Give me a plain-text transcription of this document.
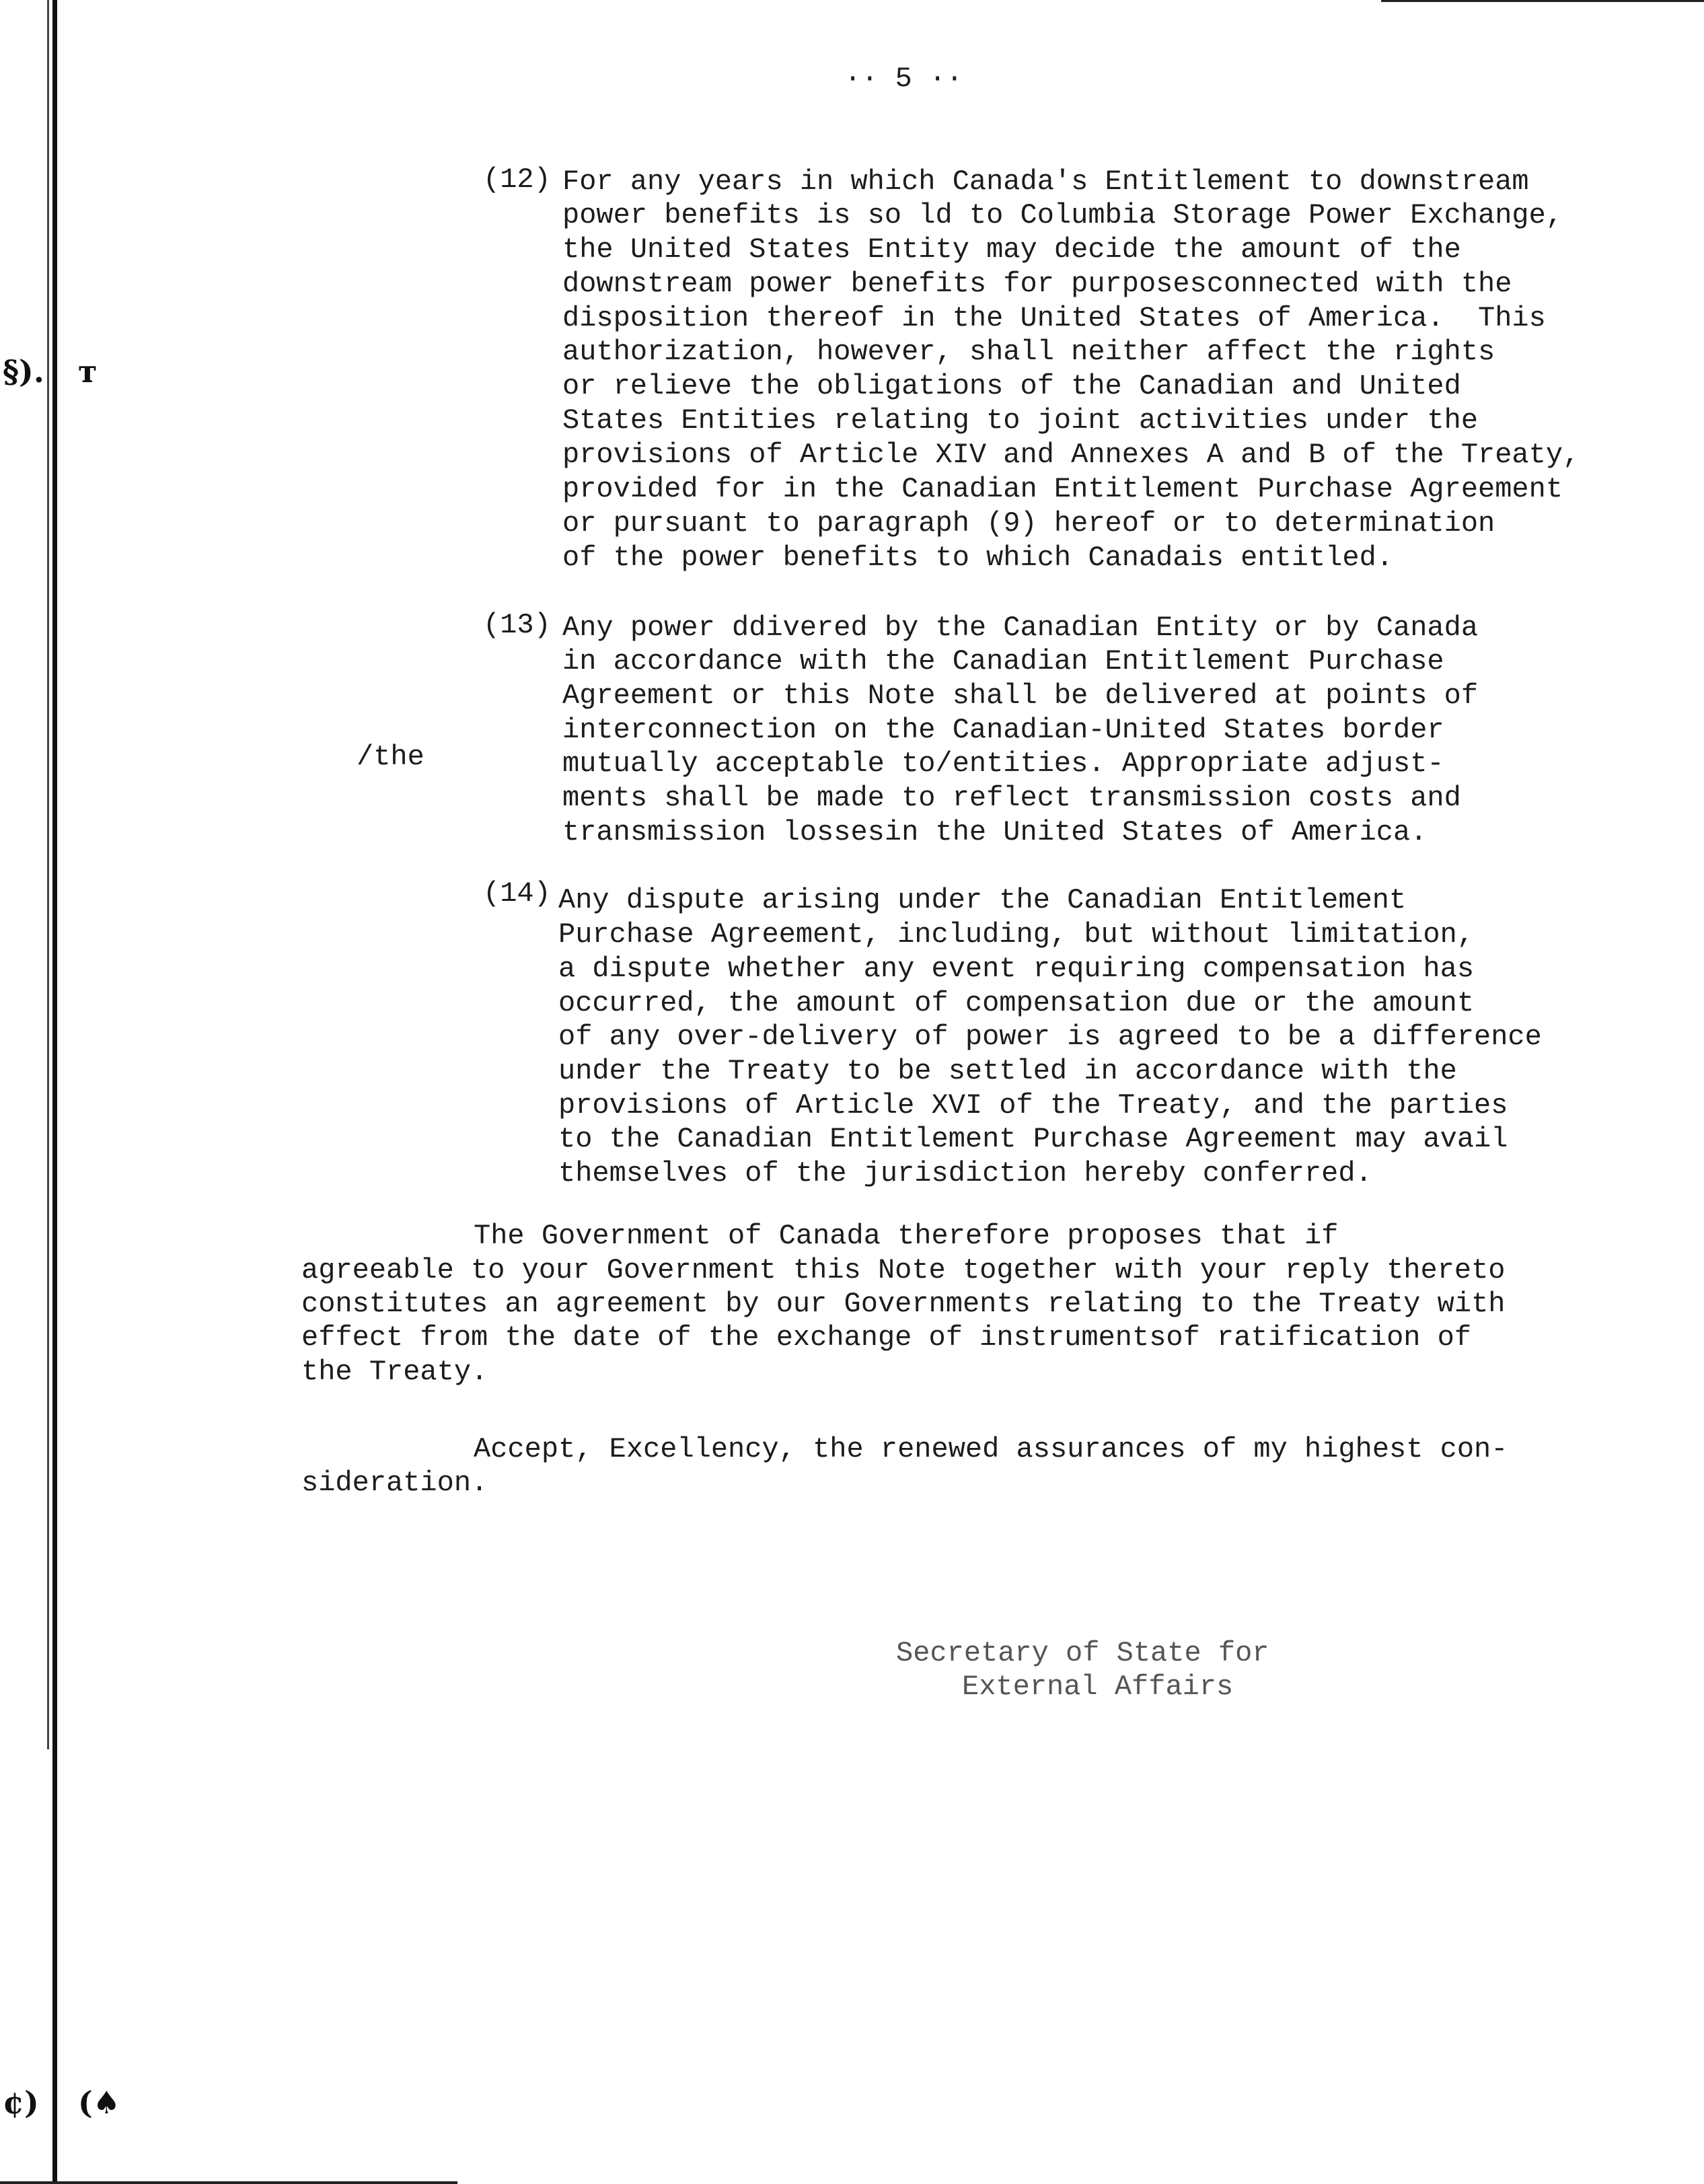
§). ᴛ
¢) (♠
·· 5 ··
(12) For any years in which Canada's Entitlement to downstream
power benefits is so ld to Columbia Storage Power Exchange,
the United States Entity may decide the amount of the
downstream power benefits for purposesconnected with the
disposition thereof in the United States of America.  This
authorization, however, shall neither affect the rights
or relieve the obligations of the Canadian and United
States Entities relating to joint activities under the
provisions of Article XIV and Annexes A and B of the Treaty,
provided for in the Canadian Entitlement Purchase Agreement
or pursuant to paragraph (9) hereof or to determination
of the power benefits to which Canadais entitled.
(13)
/the
Any power ddivered by the Canadian Entity or by Canada
in accordance with the Canadian Entitlement Purchase
Agreement or this Note shall be delivered at points of
interconnection on the Canadian-United States border
mutually acceptable to/entities. Appropriate adjust-
ments shall be made to reflect transmission costs and
transmission lossesin the United States of America.
(14) Any dispute arising under the Canadian Entitlement
Purchase Agreement, including, but without limitation,
a dispute whether any event requiring compensation has
occurred, the amount of compensation due or the amount
of any over-delivery of power is agreed to be a difference
under the Treaty to be settled in accordance with the
provisions of Article XVI of the Treaty, and the parties
to the Canadian Entitlement Purchase Agreement may avail
themselves of the jurisdiction hereby conferred.
The Government of Canada therefore proposes that if
agreeable to your Government this Note together with your reply thereto
constitutes an agreement by our Governments relating to the Treaty with
effect from the date of the exchange of instrumentsof ratification of
the Treaty.
Accept, Excellency, the renewed assurances of my highest con-
sideration.
Secretary of State for
External Affairs
